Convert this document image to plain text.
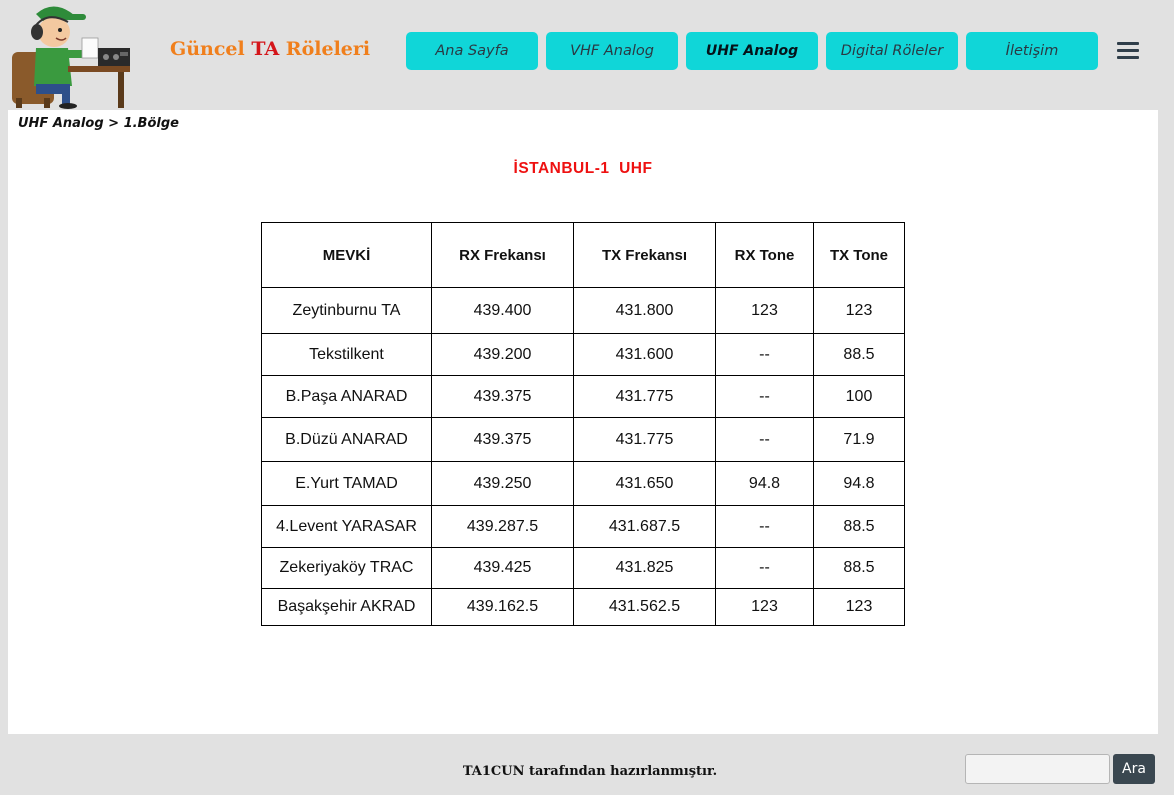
Güncel TA Röleleri	Ana Sayfa	VHF Analog	UHF Analog	Digital Röleler	İletişim
UHF Analog > 1.Bölge
İSTANBUL-1  UHF
MEVKİ	RX Frekansı	TX Frekansı	RX Tone	TX Tone
Zeytinburnu TA	439.400	431.800	123	123
Tekstilkent	439.200	431.600	--	88.5
B.Paşa ANARAD	439.375	431.775	--	100
B.Düzü ANARAD	439.375	431.775	--	71.9
E.Yurt TAMAD	439.250	431.650	94.8	94.8
4.Levent YARASAR	439.287.5	431.687.5	--	88.5
Zekeriyaköy TRAC	439.425	431.825	--	88.5
Başakşehir AKRAD	439.162.5	431.562.5	123	123
TA1CUN tarafından hazırlanmıştır.	Ara
